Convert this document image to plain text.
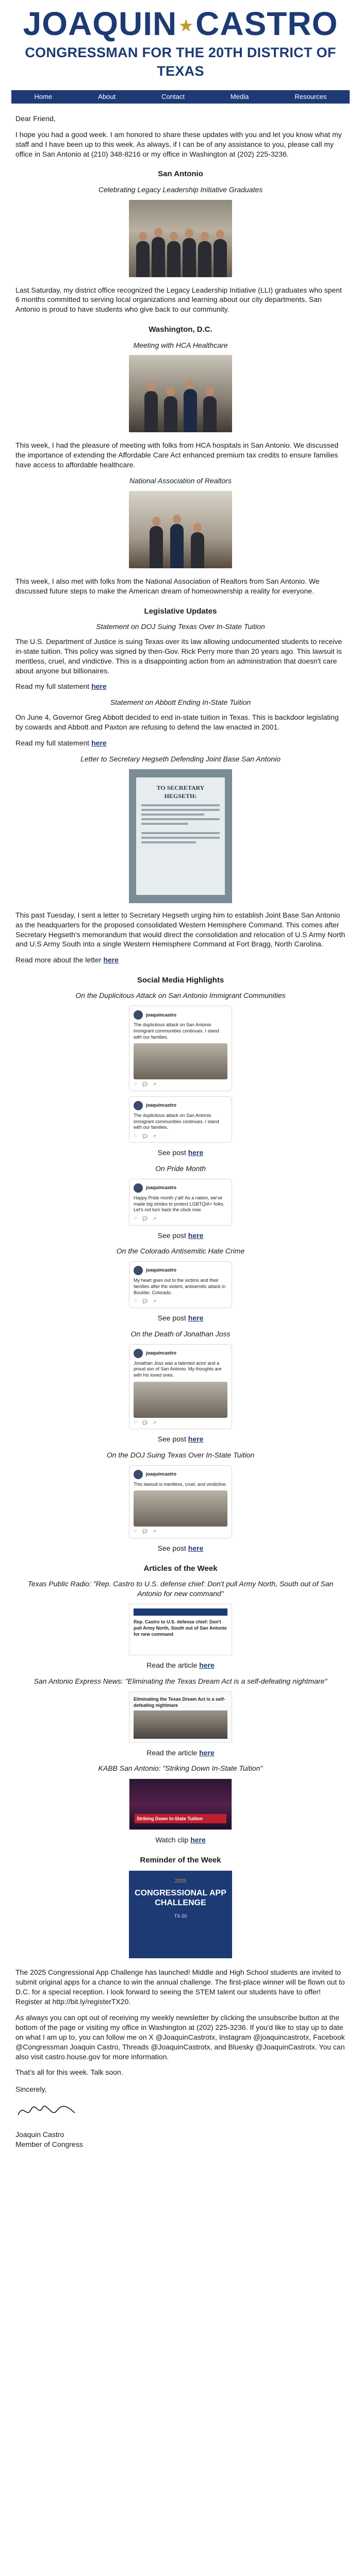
JOAQUIN ★CASTRO
CONGRESSMAN FOR THE 20TH DISTRICT OF TEXAS
Home	About	Contact	Media	Resources

Dear Friend,

I hope you had a good week. I am honored to share these updates with you and let you know what my staff and I have been up to this week. As always, if I can be of any assistance to you, please call my office in San Antonio at (210) 348-8216 or my office in Washington at (202) 225-3236.

San Antonio
Celebrating Legacy Leadership Initiative Graduates

Last Saturday, my district office recognized the Legacy Leadership Initiative (LLI) graduates who spent 6 months committed to serving local organizations and learning about our city departments. San Antonio is proud to have students who give back to our community.

Washington, D.C.
Meeting with HCA Healthcare

This week, I had the pleasure of meeting with folks from HCA hospitals in San Antonio. We discussed the importance of extending the Affordable Care Act enhanced premium tax credits to ensure families have access to affordable healthcare.

National Association of Realtors

This week, I also met with folks from the National Association of Realtors from San Antonio. We discussed future steps to make the American dream of homeownership a reality for everyone.

Legislative Updates
Statement on DOJ Suing Texas Over In-State Tuition

The U.S. Department of Justice is suing Texas over its law allowing undocumented students to receive in-state tuition. This policy was signed by then-Gov. Rick Perry more than 20 years ago. This lawsuit is meritless, cruel, and vindictive. This is a disappointing action from an administration that doesn't care about anyone but billionaires.

Read my full statement here

Statement on Abbott Ending In-State Tuition

On June 4, Governor Greg Abbott decided to end in-state tuition in Texas. This is backdoor legislating by cowards and Abbott and Paxton are refusing to defend the law enacted in 2001.

Read my full statement here

Letter to Secretary Hegseth Defending Joint Base San Antonio
TO SECRETARY HEGSETH:

This past Tuesday, I sent a letter to Secretary Hegseth urging him to establish Joint Base San Antonio as the headquarters for the proposed consolidated Western Hemisphere Command. This comes after Secretary Hegseth's memorandum that would direct the consolidation and relocation of U.S Army North and U.S Army South into a single Western Hemisphere Command at Fort Bragg, North Carolina.

Read more about the letter here

Social Media Highlights
On the Duplicitous Attack on San Antonio Immigrant Communities
joaquincastro
The duplicitous attack on San Antonio immigrant communities continues. I stand with our families.
♡ 💬 ↗
joaquincastro
The duplicitous attack on San Antonio immigrant communities continues. I stand with our families.
♡ 💬 ↗

See post here

On Pride Month
joaquincastro
Happy Pride month y'all! As a nation, we've made big strides to protect LGBTQIA+ folks. Let's not turn back the clock now.
♡ 💬 ↗

See post here

On the Colorado Antisemitic Hate Crime
joaquincastro
My heart goes out to the victims and their families after the violent, antisemitic attack in Boulder, Colorado.
♡ 💬 ↗

See post here

On the Death of Jonathan Joss
joaquincastro
Jonathan Joss was a talented actor and a proud son of San Antonio. My thoughts are with his loved ones.
♡ 💬 ↗

See post here

On the DOJ Suing Texas Over In-State Tuition
joaquincastro
This lawsuit is meritless, cruel, and vindictive.
♡ 💬 ↗

See post here

Articles of the Week
Texas Public Radio: "Rep. Castro to U.S. defense chief: Don't pull Army North, South out of San Antonio for new command"
Rep. Castro to U.S. defense chief: Don't pull Army North, South out of San Antonio for new command

Read the article here

San Antonio Express News: "Eliminating the Texas Dream Act is a self-defeating nightmare"
Eliminating the Texas Dream Act is a self-defeating nightmare

Read the article here

KABB San Antonio: "Striking Down In-State Tuition"
Striking Down In-State Tuition

Watch clip here

Reminder of the Week
2025
CONGRESSIONAL APP CHALLENGE
TX-20

The 2025 Congressional App Challenge has launched! Middle and High School students are invited to submit original apps for a chance to win the annual challenge. The first-place winner will be flown out to D.C. for a special reception. I look forward to seeing the STEM talent our students have to offer! Register at http://bit.ly/registerTX20.

As always you can opt out of receiving my weekly newsletter by clicking the unsubscribe button at the bottom of the page or visiting my office in Washington at (202) 225-3236. If you'd like to stay up to date on what I am up to, you can follow me on X @JoaquinCastrotx, Instagram @joaquincastrotx, Facebook @Congressman Joaquin Castro, Threads @JoaquinCastrotx, and Bluesky @JoaquinCastrotx. You can also visit castro.house.gov for more information.

That's all for this week. Talk soon.

Sincerely,

Joaquin Castro

Member of Congress
